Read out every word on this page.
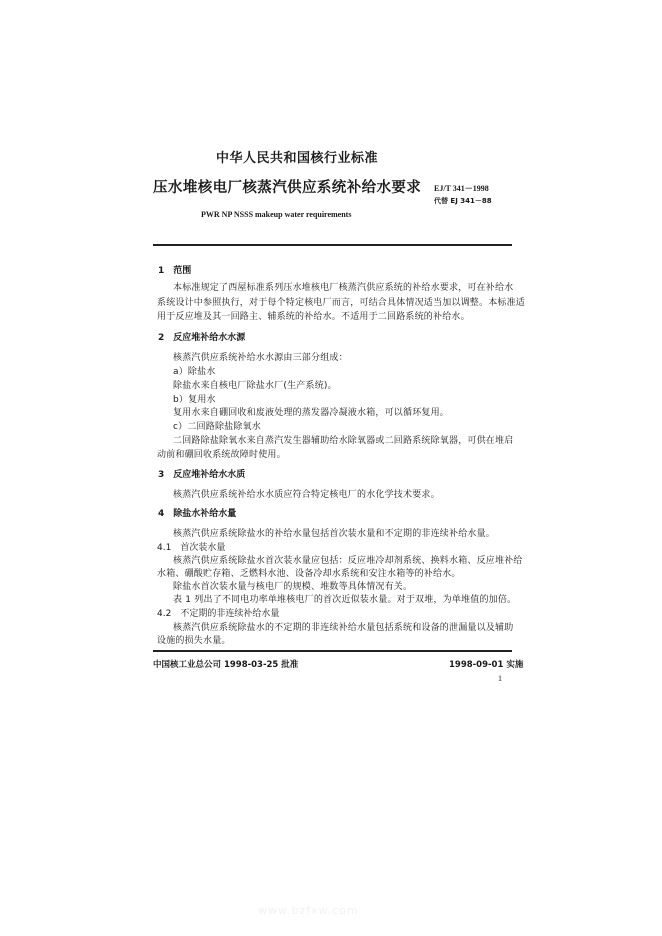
中华人民共和国核行业标准
压水堆核电厂核蒸汽供应系统补给水要求 EJ/T 341－1998
代替 EJ 341－88
PWR NP NSSS makeup water requirements
1　范围
本标准规定了西屋标准系列压水堆核电厂核蒸汽供应系统的补给水要求，可在补给水
系统设计中参照执行，对于每个特定核电厂而言，可结合具体情况适当加以调整。本标准适
用于反应堆及其一回路主、辅系统的补给水。不适用于二回路系统的补给水。
2　反应堆补给水水源
核蒸汽供应系统补给水水源由三部分组成：
a）除盐水
除盐水来自核电厂除盐水厂(生产系统)。
b）复用水
复用水来自硼回收和废液处理的蒸发器冷凝液水箱，可以循环复用。
c）二回路除盐除氧水
二回路除盐除氧水来自蒸汽发生器辅助给水除氧器或二回路系统除氧器，可供在堆启
动前和硼回收系统故障时使用。
3　反应堆补给水水质
核蒸汽供应系统补给水水质应符合特定核电厂的水化学技术要求。
4　除盐水补给水量
核蒸汽供应系统除盐水的补给水量包括首次装水量和不定期的非连续补给水量。
4.1　首次装水量
核蒸汽供应系统除盐水首次装水量应包括：反应堆冷却剂系统、换料水箱、反应堆补给
水箱、硼酸贮存箱、乏燃料水池、设备冷却水系统和安注水箱等的补给水。
除盐水首次装水量与核电厂的规模、堆数等具体情况有关。
表 1 列出了不同电功率单堆核电厂的首次近似装水量。对于双堆，为单堆值的加倍。
4.2　不定期的非连续补给水量
核蒸汽供应系统除盐水的不定期的非连续补给水量包括系统和设备的泄漏量以及辅助
设施的损失水量。
中国核工业总公司 1998-03-25 批准	1998-09-01 实施
1
www.bzfxw.com
